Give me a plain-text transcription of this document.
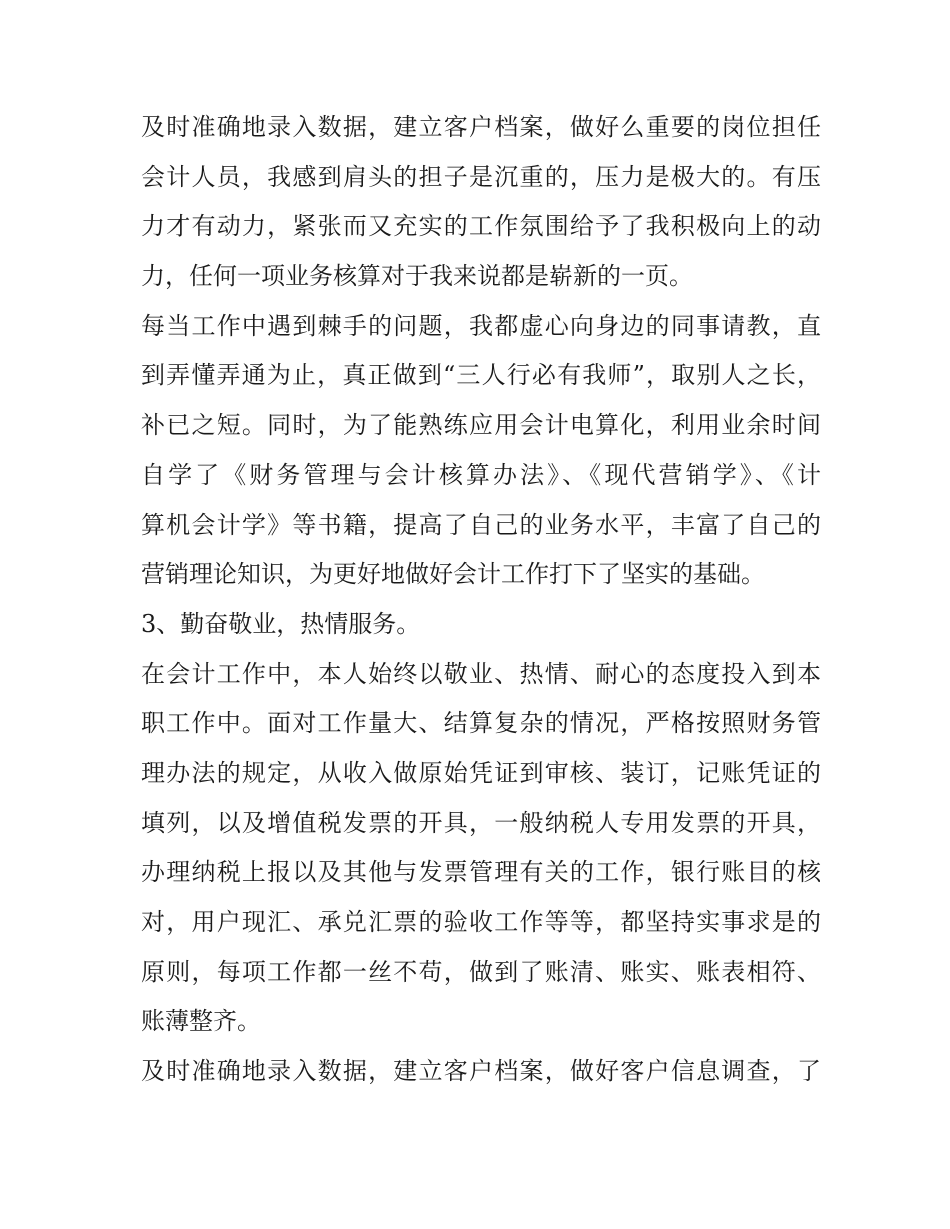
及时准确地录入数据，建立客户档案，做好么重要的岗位担任
会计人员，我感到肩头的担子是沉重的，压力是极大的。有压
力才有动力，紧张而又充实的工作氛围给予了我积极向上的动
力，任何一项业务核算对于我来说都是崭新的一页。
每当工作中遇到棘手的问题，我都虚心向身边的同事请教，直
到弄懂弄通为止，真正做到“三人行必有我师”，取别人之长，
补已之短。同时，为了能熟练应用会计电算化，利用业余时间
自学了《财务管理与会计核算办法》、《现代营销学》、《计
算机会计学》等书籍，提高了自己的业务水平，丰富了自己的
营销理论知识，为更好地做好会计工作打下了坚实的基础。
3、勤奋敬业，热情服务。
在会计工作中，本人始终以敬业、热情、耐心的态度投入到本
职工作中。面对工作量大、结算复杂的情况，严格按照财务管
理办法的规定，从收入做原始凭证到审核、装订，记账凭证的
填列，以及增值税发票的开具，一般纳税人专用发票的开具，
办理纳税上报以及其他与发票管理有关的工作，银行账目的核
对，用户现汇、承兑汇票的验收工作等等，都坚持实事求是的
原则，每项工作都一丝不苟，做到了账清、账实、账表相符、
账薄整齐。
及时准确地录入数据，建立客户档案，做好客户信息调查，了
